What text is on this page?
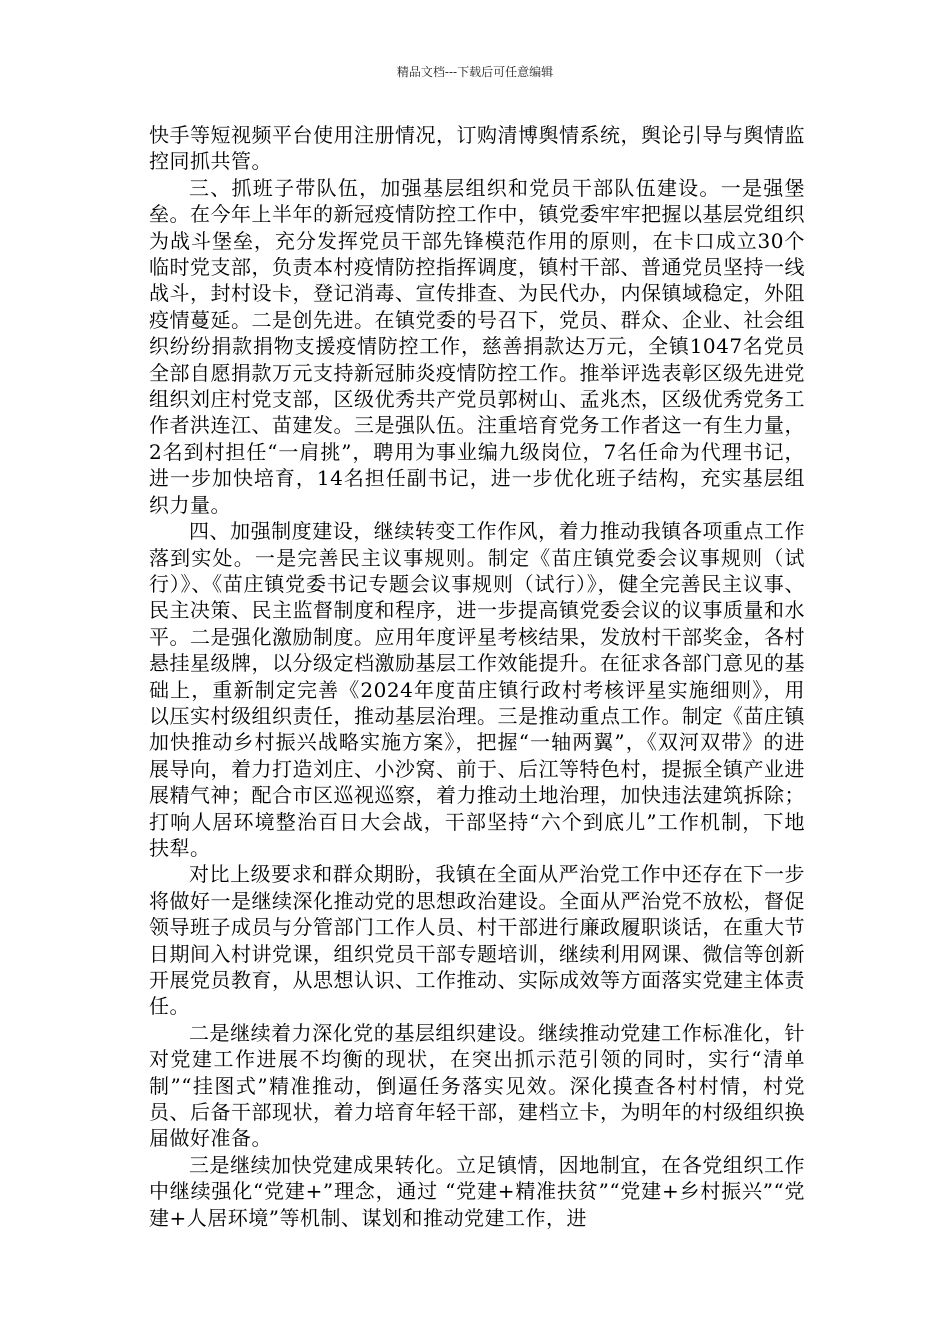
精品文档---下载后可任意编辑

快手等短视频平台使用注册情况，订购清博舆情系统，舆论引导与舆情监控同抓共管。

三、抓班子带队伍，加强基层组织和党员干部队伍建设。一是强堡垒。在今年上半年的新冠疫情防控工作中，镇党委牢牢把握以基层党组织为战斗堡垒，充分发挥党员干部先锋模范作用的原则，在卡口成立30个临时党支部，负责本村疫情防控指挥调度，镇村干部、普通党员坚持一线战斗，封村设卡，登记消毒、宣传排查、为民代办，内保镇域稳定，外阻疫情蔓延。二是创先进。在镇党委的号召下，党员、群众、企业、社会组织纷纷捐款捐物支援疫情防控工作，慈善捐款达万元，全镇1047名党员全部自愿捐款万元支持新冠肺炎疫情防控工作。推举评选表彰区级先进党组织刘庄村党支部，区级优秀共产党员郭树山、孟兆杰，区级优秀党务工作者洪连江、苗建发。三是强队伍。注重培育党务工作者这一有生力量，2名到村担任“一肩挑”，聘用为事业编九级岗位，7名任命为代理书记，进一步加快培育，14名担任副书记，进一步优化班子结构，充实基层组织力量。

四、加强制度建设，继续转变工作作风，着力推动我镇各项重点工作落到实处。一是完善民主议事规则。制定《苗庄镇党委会议事规则（试行）》、《苗庄镇党委书记专题会议事规则（试行）》，健全完善民主议事、民主决策、民主监督制度和程序，进一步提高镇党委会议的议事质量和水平。二是强化激励制度。应用年度评星考核结果，发放村干部奖金，各村悬挂星级牌，以分级定档激励基层工作效能提升。在征求各部门意见的基础上，重新制定完善《2024年度苗庄镇行政村考核评星实施细则》，用以压实村级组织责任，推动基层治理。三是推动重点工作。制定《苗庄镇加快推动乡村振兴战略实施方案》，把握“一轴两翼”，《双河双带》的进展导向，着力打造刘庄、小沙窝、前于、后江等特色村，提振全镇产业进展精气神；配合市区巡视巡察，着力推动土地治理，加快违法建筑拆除；打响人居环境整治百日大会战，干部坚持“六个到底儿”工作机制，下地扶犁。

对比上级要求和群众期盼，我镇在全面从严治党工作中还存在下一步将做好一是继续深化推动党的思想政治建设。全面从严治党不放松，督促领导班子成员与分管部门工作人员、村干部进行廉政履职谈话，在重大节日期间入村讲党课，组织党员干部专题培训，继续利用网课、微信等创新开展党员教育，从思想认识、工作推动、实际成效等方面落实党建主体责任。

二是继续着力深化党的基层组织建设。继续推动党建工作标准化，针对党建工作进展不均衡的现状，在突出抓示范引领的同时，实行“清单制”“挂图式”精准推动，倒逼任务落实见效。深化摸查各村村情，村党员、后备干部现状，着力培育年轻干部，建档立卡，为明年的村级组织换届做好准备。

三是继续加快党建成果转化。立足镇情，因地制宜，在各党组织工作中继续强化“党建+”理念，通过 “党建+精准扶贫”“党建+乡村振兴”“党建+人居环境”等机制、谋划和推动党建工作，进
